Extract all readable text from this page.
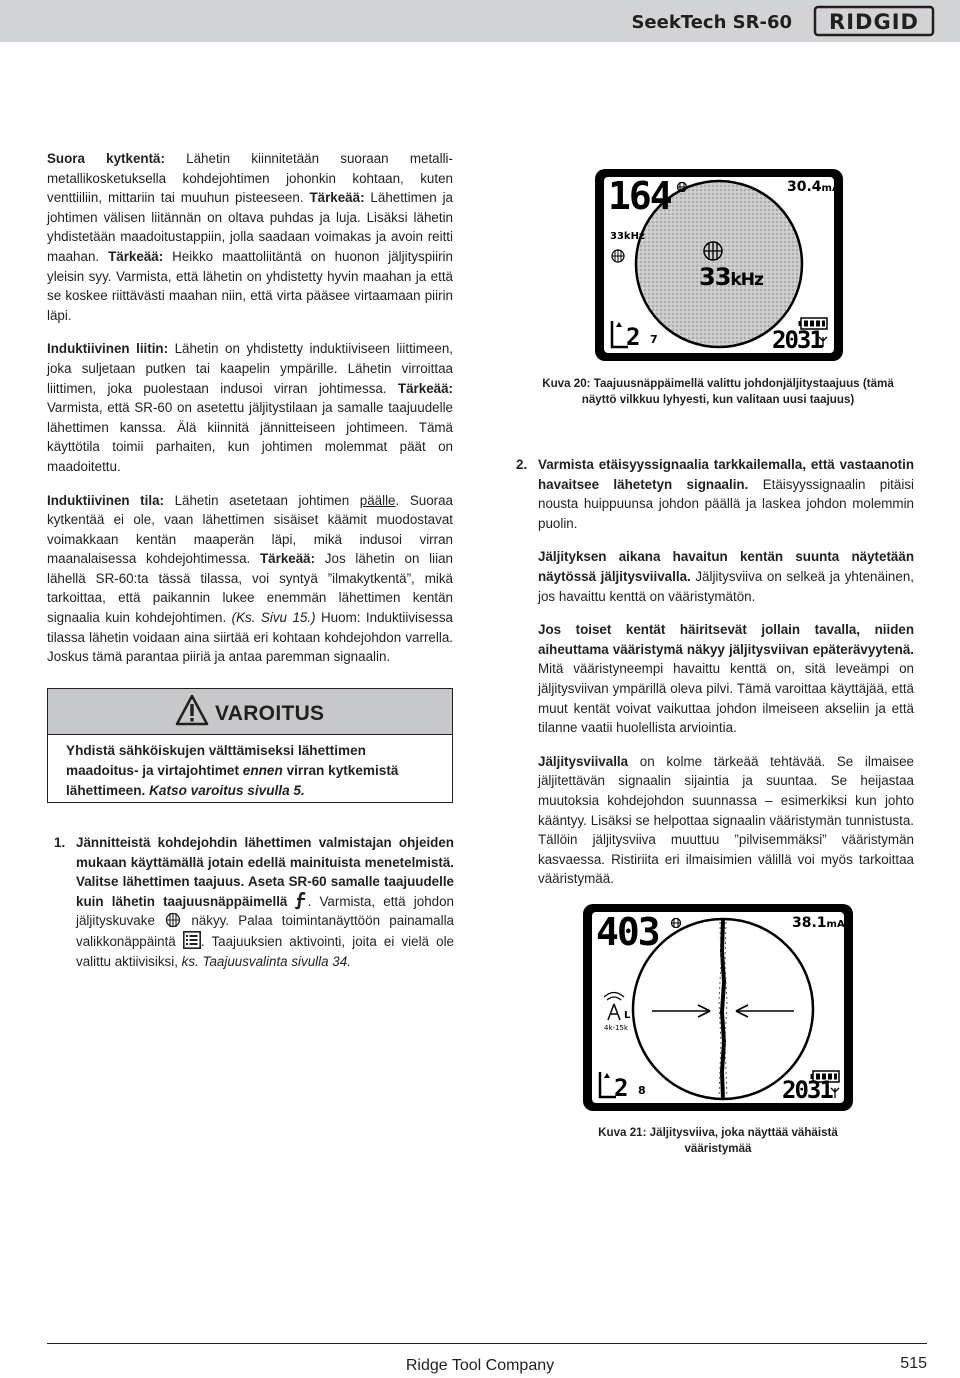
SeekTech SR-60 RIDGID

Suora kytkentä: Lähetin kiinnitetään suoraan metalli-metallikosketuksella kohdejohtimen johonkin kohtaan, kuten venttiiliin, mittariin tai muuhun pisteeseen. Tärkeää: Lähettimen ja johtimen välisen liitännän on oltava puhdas ja luja. Lisäksi lähetin yhdistetään maadoitustappiin, jolla saadaan voimakas ja avoin reitti maahan. Tärkeää: Heikko maattoliitäntä on huonon jäljityspiirin yleisin syy. Varmista, että lähetin on yhdistetty hyvin maahan ja että se koskee riittävästi maahan niin, että virta pääsee virtaamaan piirin läpi.

Induktiivinen liitin: Lähetin on yhdistetty induktiiviseen liittimeen, joka suljetaan putken tai kaapelin ympärille. Lähetin virroittaa liittimen, joka puolestaan indusoi virran johtimessa. Tärkeää: Varmista, että SR-60 on asetettu jäljitystilaan ja samalle taajuudelle lähettimen kanssa. Älä kiinnitä jännitteiseen johtimeen. Tämä käyttötila toimii parhaiten, kun johtimen molemmat päät on maadoitettu.

Induktiivinen tila: Lähetin asetetaan johtimen päälle. Suoraa kytkentää ei ole, vaan lähettimen sisäiset käämit muodostavat voimakkaan kentän maaperän läpi, mikä indusoi virran maanalaisessa kohdejohtimessa. Tärkeää: Jos lähetin on liian lähellä SR-60:ta tässä tilassa, voi syntyä ”ilmakytkentä”, mikä tarkoittaa, että paikannin lukee enemmän lähettimen kentän signaalia kuin kohdejohtimen. (Ks. Sivu 15.) Huom: Induktiivisessa tilassa lähetin voidaan aina siirtää eri kohtaan kohdejohdon varrella. Joskus tämä parantaa piiriä ja antaa paremman signaalin.

VAROITUS
Yhdistä sähköiskujen välttämiseksi lähettimen maadoitus- ja virtajohtimet ennen virran kytkemistä lähettimeen. Katso varoitus sivulla 5.
1. Jännitteistä kohdejohdin lähettimen valmistajan ohjeiden mukaan käyttämällä jotain edellä mainituista menetelmistä. Valitse lähettimen taajuus. Aseta SR-60 samalle taajuudelle kuin lähetin taajuusnäppäimellä . Varmista, että johdon jäljityskuvake  näkyy. Palaa toimintanäyttöön painamalla valikkonäppäintä . Taajuuksien aktivointi, joita ei vielä ole valittu aktiivisiksi, ks. Taajuusvalinta sivulla 34.
164	30.4mA
33kHz
33kHz
2 7	2031
Kuva 20: Taajuusnäppäimellä valittu johdonjäljitystaajuus (tämä näyttö vilkkuu lyhyesti, kun valitaan uusi taajuus)
2. Varmista etäisyyssignaalia tarkkailemalla, että vastaanotin havaitsee lähetetyn signaalin. Etäisyyssignaalin pitäisi nousta huippuunsa johdon päällä ja laskea johdon molemmin puolin.

Jäljityksen aikana havaitun kentän suunta näytetään näytössä jäljitysviivalla. Jäljitysviiva on selkeä ja yhtenäinen, jos havaittu kenttä on vääristymätön.

Jos toiset kentät häiritsevät jollain tavalla, niiden aiheuttama vääristymä näkyy jäljitysviivan epäterävyytenä. Mitä vääristyneempi havaittu kenttä on, sitä leveämpi on jäljitysviivan ympärillä oleva pilvi. Tämä varoittaa käyttäjää, että muut kentät voivat vaikuttaa johdon ilmeiseen akseliin ja että tilanne vaatii huolellista arviointia.

Jäljitysviivalla on kolme tärkeää tehtävää. Se ilmaisee jäljitettävän signaalin sijaintia ja suuntaa. Se heijastaa muutoksia kohdejohdon suunnassa – esimerkiksi kun johto kääntyy. Lisäksi se helpottaa signaalin vääristymän tunnistusta. Tällöin jäljitysviiva muuttuu ”pilvisemmäksi” vääristymän kasvaessa. Ristiriita eri ilmaisimien välillä voi myös tarkoittaa vääristymää.

403	38.1mA
L
4k-15k
2 8	2031
Kuva 21: Jäljitysviiva, joka näyttää vähäistä vääristymää
Ridge Tool Company	515
